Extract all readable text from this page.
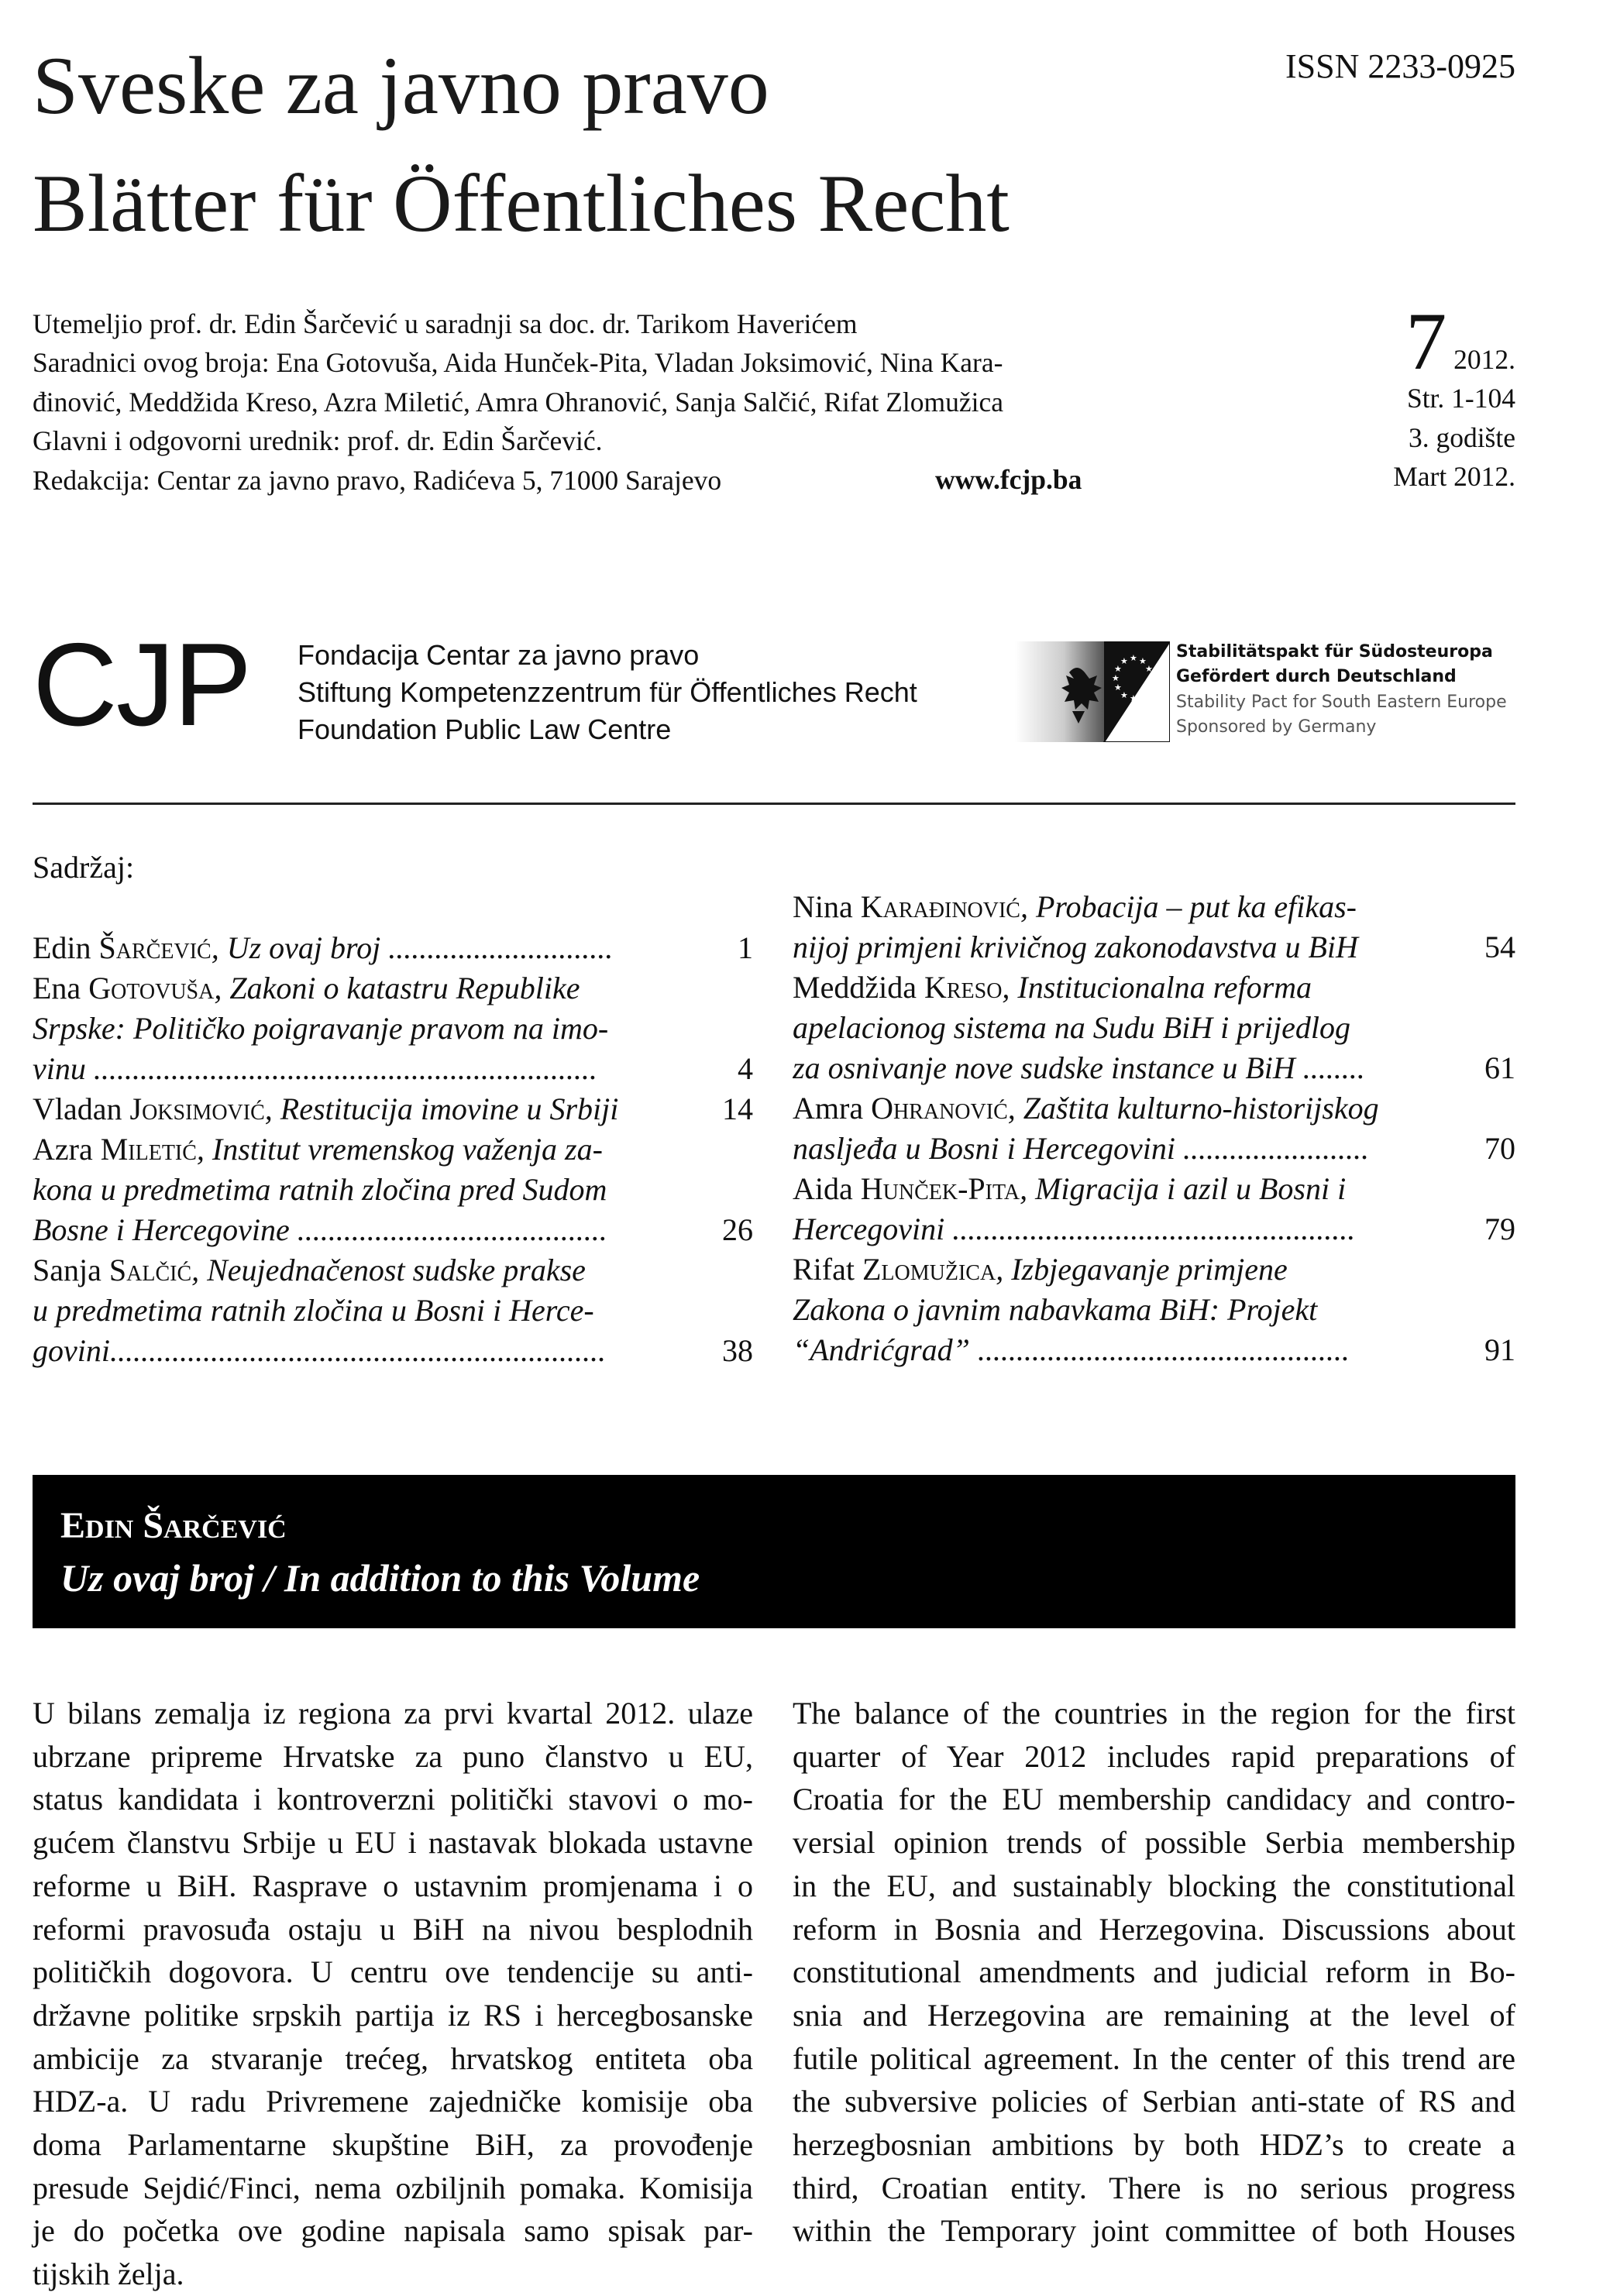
Sveske za javno pravo
Blätter für Öffentliches Recht
ISSN 2233-0925
Utemeljio prof. dr. Edin Šarčević u saradnji sa doc. dr. Tarikom Haverićem
Saradnici ovog broja: Ena Gotovuša, Aida Hunček-Pita, Vladan Joksimović, Nina Kara-
đinović, Meddžida Kreso, Azra Miletić, Amra Ohranović, Sanja Salčić, Rifat Zlomužica
Glavni i odgovorni urednik: prof. dr. Edin Šarčević.
Redakcija: Centar za javno pravo, Radićeva 5, 71000 Sarajevo	www.fcjp.ba
7 2012.
Str. 1-104
3. godište
Mart 2012.
CJP Fondacija Centar za javno pravo
Stiftung Kompetenzzentrum für Öffentliches Recht
Foundation Public Law Centre
★ ★
★
★
★
★
★
★
★
★
★
★	Stabilitätspakt für Südosteuropa
Gefördert durch Deutschland
Stability Pact for South Eastern Europe
Sponsored by Germany
Sadržaj:
Edin Šarčević, Uz ovaj broj .............................	1
Ena Gotovuša, Zakoni o katastru Republike
Srpske: Političko poigravanje pravom na imo-
vinu .................................................................	4
Vladan Joksimović, Restitucija imovine u Srbiji	14
Azra Miletić, Institut vremenskog važenja za-
kona u predmetima ratnih zločina pred Sudom
Bosne i Hercegovine ........................................	26
Sanja Salčić, Neujednačenost sudske prakse
u predmetima ratnih zločina u Bosni i Herce-
govini................................................................	38
Nina Karađinović, Probacija – put ka efikas-
nijoj primjeni krivičnog zakonodavstva u BiH	54
Meddžida Kreso, Institucionalna reforma
apelacionog sistema na Sudu BiH i prijedlog
za osnivanje nove sudske instance u BiH ........	61
Amra Ohranović, Zaštita kulturno-historijskog
nasljeđa u Bosni i Hercegovini ........................	70
Aida Hunček-Pita, Migracija i azil u Bosni i
Hercegovini ....................................................	79
Rifat Zlomužica, Izbjegavanje primjene
Zakona o javnim nabavkama BiH: Projekt
“Andrićgrad” ................................................	91
Edin Šarčević
Uz ovaj broj / In addition to this Volume
U bilans zemalja iz regiona za prvi kvartal 2012. ulaze
ubrzane pripreme Hrvatske za puno članstvo u EU,
status kandidata i kontroverzni politički stavovi o mo-
gućem članstvu Srbije u EU i nastavak blokada ustavne
reforme u BiH. Rasprave o ustavnim promjenama i o
reformi pravosuđa ostaju u BiH na nivou besplodnih
političkih dogovora. U centru ove tendencije su anti-
državne politike srpskih partija iz RS i hercegbosanske
ambicije za stvaranje trećeg, hrvatskog entiteta oba
HDZ-a. U radu Privremene zajedničke komisije oba
doma Parlamentarne skupštine BiH, za provođenje
presude Sejdić/Finci, nema ozbiljnih pomaka. Komisija
je do početka ove godine napisala samo spisak par-
tijskih želja.
The balance of the countries in the region for the first
quarter of Year 2012 includes rapid preparations of
Croatia for the EU membership candidacy and contro-
versial opinion trends of possible Serbia membership
in the EU, and sustainably blocking the constitutional
reform in Bosnia and Herzegovina. Discussions about
constitutional amendments and judicial reform in Bo-
snia and Herzegovina are remaining at the level of
futile political agreement. In the center of this trend are
the subversive policies of Serbian anti-state of RS and
herzegbosnian ambitions by both HDZ’s to create a
third, Croatian entity. There is no serious progress
within the Temporary joint committee of both Houses
